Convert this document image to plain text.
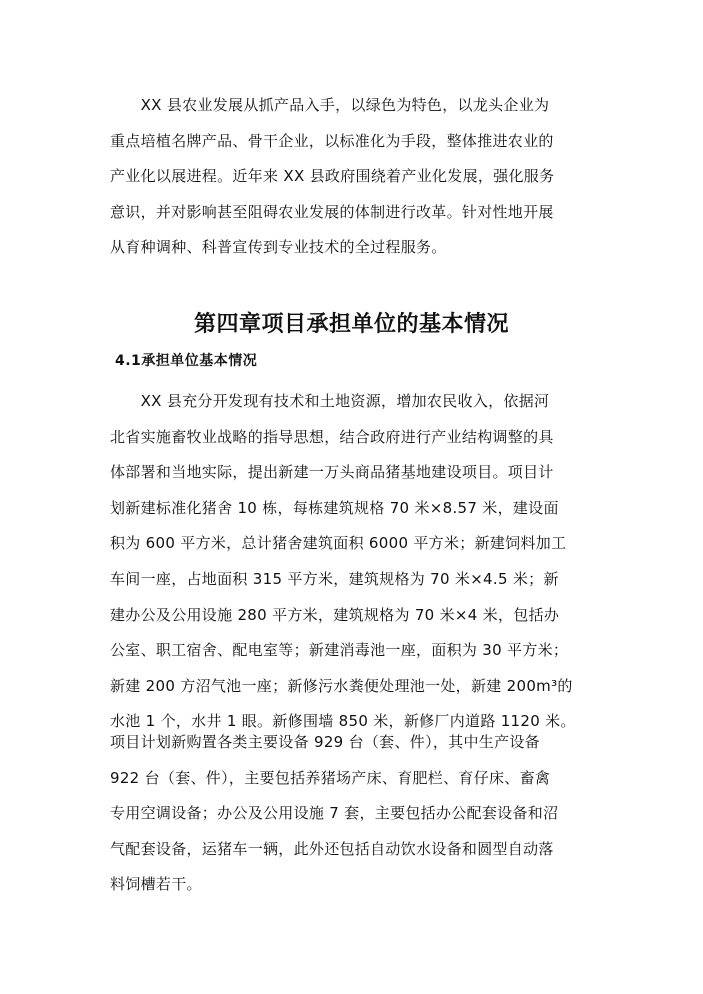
　　XX 县农业发展从抓产品入手，以绿色为特色，以龙头企业为
重点培植名牌产品、骨干企业，以标准化为手段，整体推进农业的
产业化以展进程。近年来 XX 县政府围绕着产业化发展，强化服务
意识，并对影响甚至阻碍农业发展的体制进行改革。针对性地开展
从育种调种、科普宣传到专业技术的全过程服务。

第四章项目承担单位的基本情况
4.1承担单位基本情况

　　XX 县充分开发现有技术和土地资源，增加农民收入，依据河
北省实施畜牧业战略的指导思想，结合政府进行产业结构调整的具
体部署和当地实际，提出新建一万头商品猪基地建设项目。项目计
划新建标准化猪舍 10 栋，每栋建筑规格 70 米×8.57 米，建设面
积为 600 平方米，总计猪舍建筑面积 6000 平方米；新建饲料加工
车间一座，占地面积 315 平方米，建筑规格为 70 米×4.5 米；新
建办公及公用设施 280 平方米，建筑规格为 70 米×4 米，包括办
公室、职工宿舍、配电室等；新建消毒池一座，面积为 30 平方米；
新建 200 方沼气池一座；新修污水粪便处理池一处，新建 200m³的
水池 1 个，水井 1 眼。新修围墙 850 米，新修厂内道路 1120 米。

项目计划新购置各类主要设备 929 台（套、件），其中生产设备
922 台（套、件），主要包括养猪场产床、育肥栏、育仔床、畜禽
专用空调设备；办公及公用设施 7 套，主要包括办公配套设备和沼
气配套设备，运猪车一辆，此外还包括自动饮水设备和圆型自动落
料饲槽若干。
